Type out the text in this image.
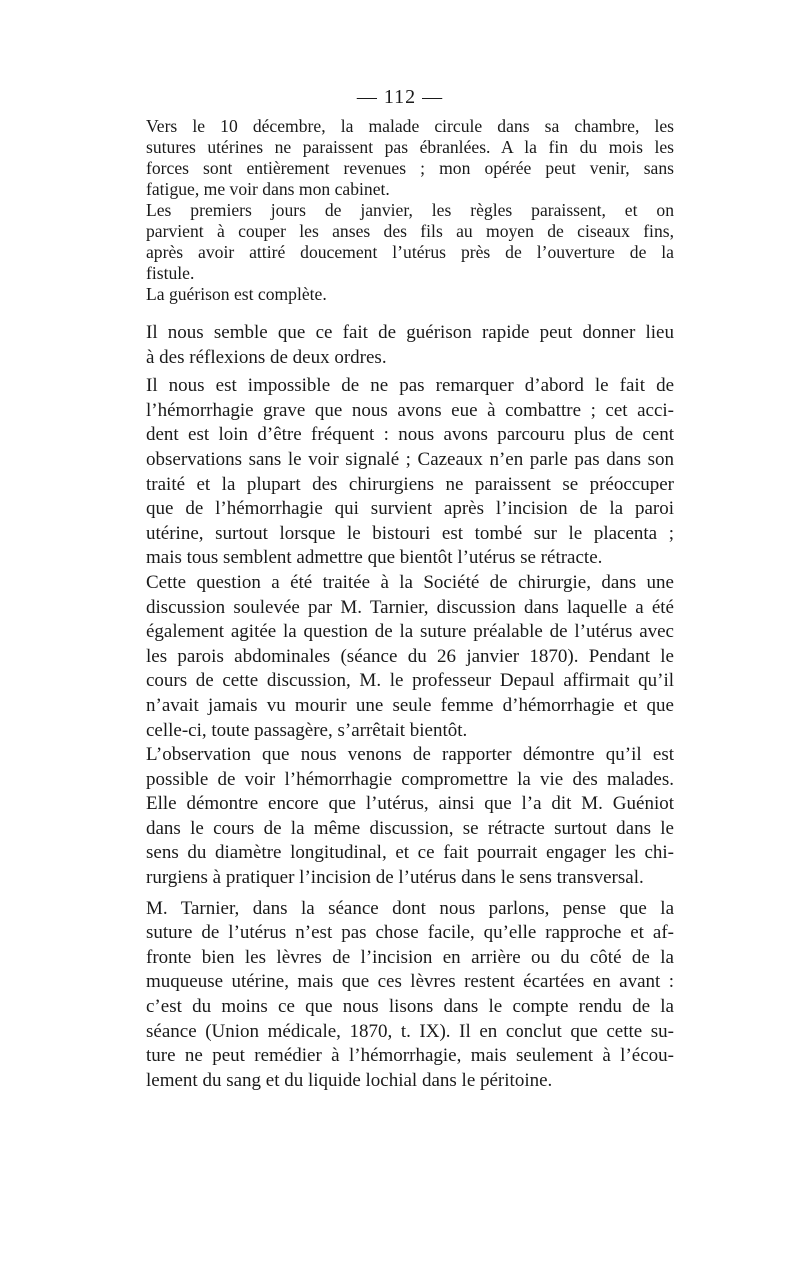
— 112 —
Vers le 10 décembre, la malade circule dans sa chambre, les
sutures utérines ne paraissent pas ébranlées. A la fin du mois les
forces sont entièrement revenues ; mon opérée peut venir, sans
fatigue, me voir dans mon cabinet.
Les premiers jours de janvier, les règles paraissent, et on
parvient à couper les anses des fils au moyen de ciseaux fins,
après avoir attiré doucement l’utérus près de l’ouverture de la
fistule.
La guérison est complète.
Il nous semble que ce fait de guérison rapide peut donner lieu
à des réflexions de deux ordres.
Il nous est impossible de ne pas remarquer d’abord le fait de
l’hémorrhagie grave que nous avons eue à combattre ; cet acci-
dent est loin d’être fréquent : nous avons parcouru plus de cent
observations sans le voir signalé ; Cazeaux n’en parle pas dans son
traité et la plupart des chirurgiens ne paraissent se préoccuper
que de l’hémorrhagie qui survient après l’incision de la paroi
utérine, surtout lorsque le bistouri est tombé sur le placenta ;
mais tous semblent admettre que bientôt l’utérus se rétracte.
Cette question a été traitée à la Société de chirurgie, dans une
discussion soulevée par M. Tarnier, discussion dans laquelle a été
également agitée la question de la suture préalable de l’utérus avec
les parois abdominales (séance du 26 janvier 1870). Pendant le
cours de cette discussion, M. le professeur Depaul affirmait qu’il
n’avait jamais vu mourir une seule femme d’hémorrhagie et que
celle-ci, toute passagère, s’arrêtait bientôt.
L’observation que nous venons de rapporter démontre qu’il est
possible de voir l’hémorrhagie compromettre la vie des malades.
Elle démontre encore que l’utérus, ainsi que l’a dit M. Guéniot
dans le cours de la même discussion, se rétracte surtout dans le
sens du diamètre longitudinal, et ce fait pourrait engager les chi-
rurgiens à pratiquer l’incision de l’utérus dans le sens transversal.
M. Tarnier, dans la séance dont nous parlons, pense que la
suture de l’utérus n’est pas chose facile, qu’elle rapproche et af-
fronte bien les lèvres de l’incision en arrière ou du côté de la
muqueuse utérine, mais que ces lèvres restent écartées en avant :
c’est du moins ce que nous lisons dans le compte rendu de la
séance (Union médicale, 1870, t. IX). Il en conclut que cette su-
ture ne peut remédier à l’hémorrhagie, mais seulement à l’écou-
lement du sang et du liquide lochial dans le péritoine.
